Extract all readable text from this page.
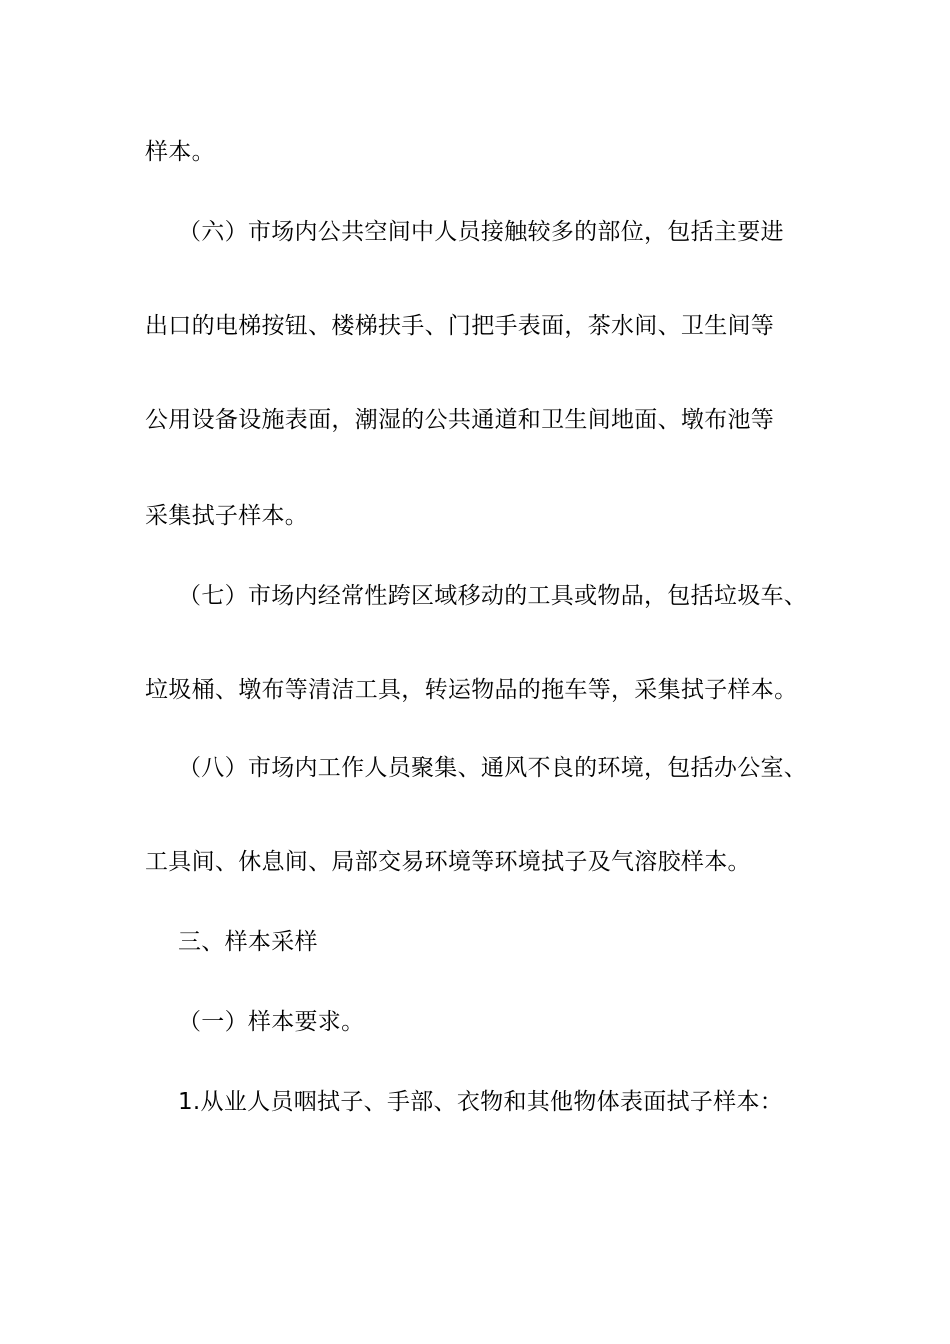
样本。
（六）市场内公共空间中人员接触较多的部位，包括主要进
出口的电梯按钮、楼梯扶手、门把手表面，茶水间、卫生间等
公用设备设施表面，潮湿的公共通道和卫生间地面、墩布池等
采集拭子样本。
（七）市场内经常性跨区域移动的工具或物品，包括垃圾车、
垃圾桶、墩布等清洁工具，转运物品的拖车等，采集拭子样本。
（八）市场内工作人员聚集、通风不良的环境，包括办公室、
工具间、休息间、局部交易环境等环境拭子及气溶胶样本。
三、样本采样
（一）样本要求。
1.从业人员咽拭子、手部、衣物和其他物体表面拭子样本：
